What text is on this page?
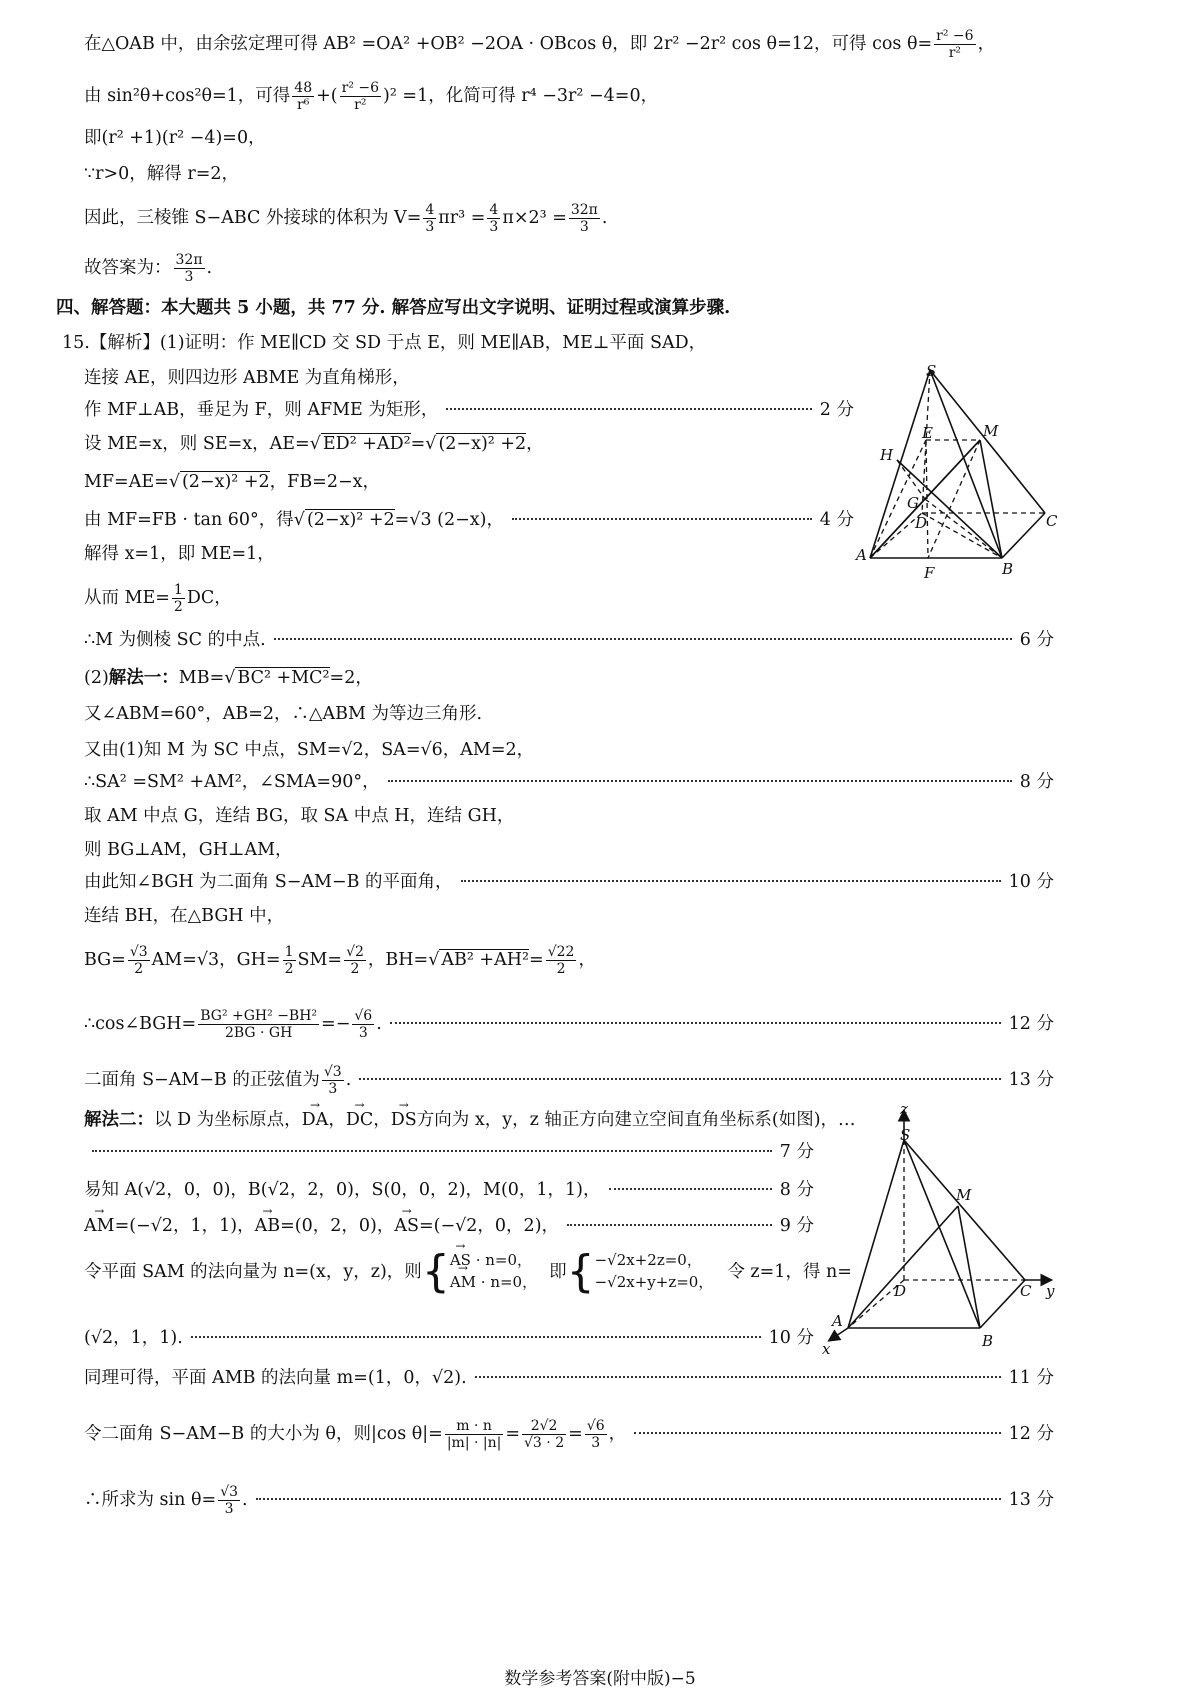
在△OAB 中，由余弦定理可得 AB² =OA² +OB² −2OA · OBcos θ，即 2r² −2r² cos θ=12，可得 $\cos \theta= \frac{\text{r² −6}}{\text{r²}}$ ，
由 sin²θ+cos²θ=1，可得 $\frac{48}{\text{r⁶}}$ +( $\frac{\text{r² −6}}{\text{r²}} )^2 =1$，化简可得 r⁴ −3r² −4=0，
即(r² +1)(r² −4)=0，
∵r>0，解得 r=2，
因此，三棱锥 S−ABC 外接球的体积为 $V= \frac{4}{3} \pi r^3 = \frac{4}{3} \pi\times 2^3 = \frac{32\pi}{3}$ .
故答案为： $\frac{32\pi}{3}$ .
四、解答题：本大题共 5 小题，共 77 分. 解答应写出文字说明、证明过程或演算步骤.
15.【解析】(1)证明：作 ME∥CD 交 SD 于点 E，则 ME∥AB，ME⊥平面 SAD，
连接 AE，则四边形 ABME 为直角梯形，
作 MF⊥AB，垂足为 F，则 AFME 为矩形，	2 分
设 ME=x，则 SE=x，AE=√ ED² +AD²=√ (2−x)² +2，
MF=AE=√ (2−x)² +2，FB=2−x，
由 MF=FB · tan 60°，得√ (2−x)² +2=√3 (2−x)，	4 分
解得 x=1，即 ME=1，
从而 $ME= \frac{1}{2}$ DC，
∴M 为侧棱 SC 的中点.	6 分
S
E	M
H
G
D	C
A
F	B
(2)解法一：MB=√ BC² +MC²=2，
又∠ABM=60°，AB=2，∴△ABM 为等边三角形.
又由(1)知 M 为 SC 中点，SM=√2，SA=√6，AM=2，
∴SA² =SM² +AM²，∠SMA=90°，	8 分
取 AM 中点 G，连结 BG，取 SA 中点 H，连结 GH，
则 BG⊥AM，GH⊥AM，
由此知∠BGH 为二面角 S−AM−B 的平面角，	10 分
连结 BH，在△BGH 中，
$BG= \frac{√3}{2} AM=√3$，$GH= \frac{1}{2} SM= \frac{√2}{2}$ ，BH=√ $AB^2 +AH^2= \frac{√22}{2}$ ，
∴cos∠BGH= $\frac{\text{BG² +GH² −BH²}}{2BG \cdot GH} =- \frac{√6}{3}$ .	12 分
二面角 S−AM−B 的正弦值为 $\frac{√3}{3}$ .	13 分
解法二：以 D 为坐标原点，→ DA，→ DC，→ DS方向为 x，y，z 轴正方向建立空间直角坐标系(如图)，…
7 分
易知 A(√2，0，0)，B(√2，2，0)，S(0，0，2)，M(0，1，1)，	8 分
→ AM=(−√2，1，1)，→ AB=(0，2，0)，→ AS=(−√2，0，2)，	9 分
令平面 SAM 的法向量为 n=(x，y，z)，则 { → AS · n=0，
→ AM · n=0，
即 { −√2x+2z=0，
−√2x+y+z=0，
令 z=1，得 n=
(√2，1，1).	10 分
同理可得，平面 AMB 的法向量 m=(1，0，√2).	11 分
令二面角 S−AM−B 的大小为 θ，则|cos $\theta|= \frac{m \cdot n}{|m| \cdot |n|} = \frac{2√2}{√3 \cdot 2} = \frac{√6}{3}$ ，	12 分
∴所求为 $\sin \theta= \frac{√3}{3}$ .	13 分
z
S
M
D	C y
A
B
x
数学参考答案(附中版)−5
